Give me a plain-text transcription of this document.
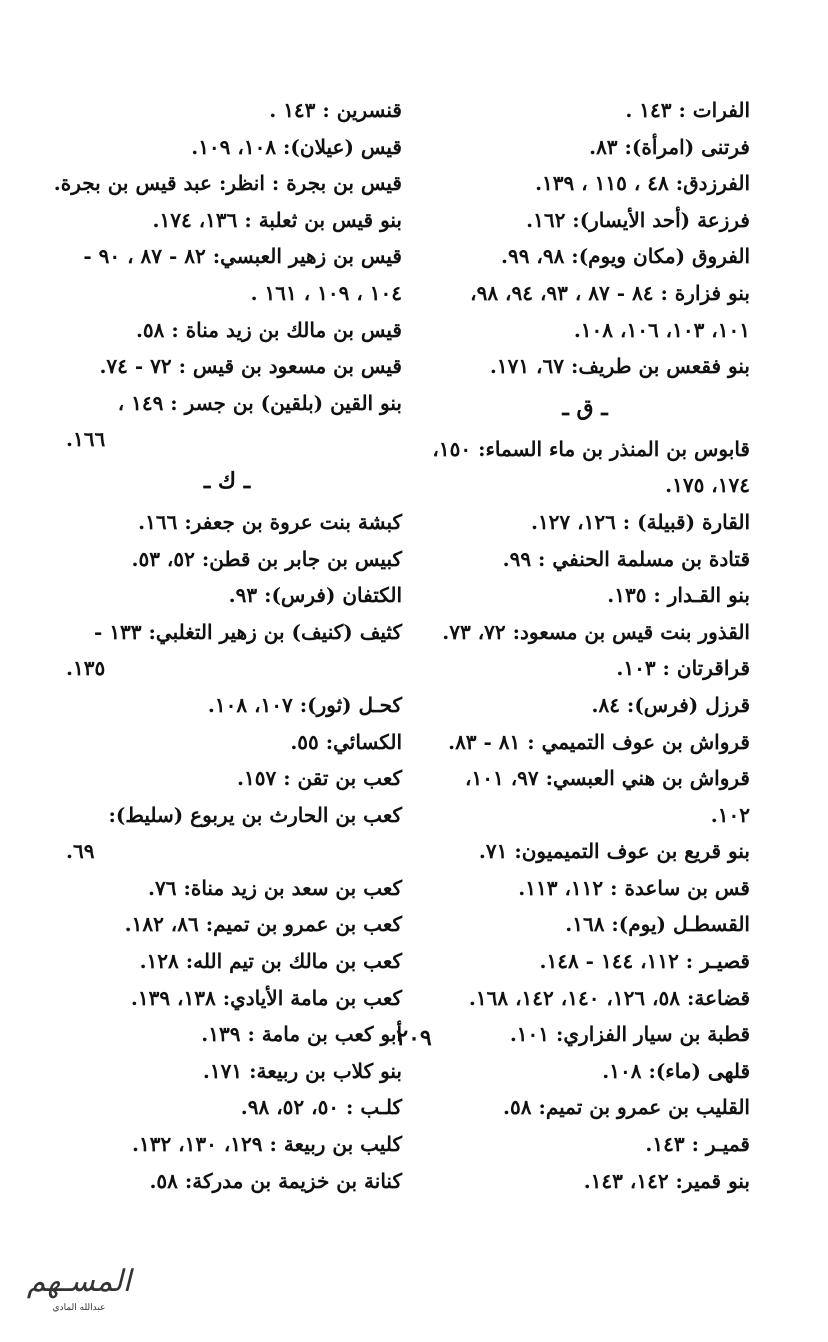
الفرات : ١٤٣ .
فرتنى (امرأة): ٨٣.
الفرزدق: ٤٨ ، ١١٥ ، ١٣٩.
فرزعة (أحد الأيسار): ١٦٢.
الفروق (مكان ويوم): ٩٨، ٩٩.
بنو فزارة : ٨٤ - ٨٧ ، ٩٣، ٩٤، ٩٨،
١٠١، ١٠٣، ١٠٦، ١٠٨.
بنو فقعس بن طريف: ٦٧، ١٧١.
ـ ق ـ
قابوس بن المنذر بن ماء السماء: ١٥٠،
١٧٤، ١٧٥.
القارة (قبيلة) : ١٢٦، ١٢٧.
قتادة بن مسلمة الحنفي : ٩٩.
بنو القـدار : ١٣٥.
القذور بنت قيس بن مسعود: ٧٢، ٧٣.
قراقرتان : ١٠٣.
قرزل (فرس): ٨٤.
قرواش بن عوف التميمي : ٨١ - ٨٣.
قرواش بن هني العبسي: ٩٧، ١٠١،
١٠٢.
بنو قريع بن عوف التميميون: ٧١.
قس بن ساعدة : ١١٢، ١١٣.
القسطـل (يوم): ١٦٨.
قصيـر : ١١٢، ١٤٤ - ١٤٨.
قضاعة: ٥٨، ١٢٦، ١٤٠، ١٤٢، ١٦٨.
قطبة بن سيار الفزاري: ١٠١.
قلهى (ماء): ١٠٨.
القليب بن عمرو بن تميم: ٥٨.
قميـر : ١٤٣.
بنو قمير: ١٤٢، ١٤٣.
قنسرين : ١٤٣ .
قيس (عيلان): ١٠٨، ١٠٩.
قيس بن بجرة : انظر: عبد قيس بن بجرة.
بنو قيس بن ثعلبة : ١٣٦، ١٧٤.
قيس بن زهير العبسي: ٨٢ - ٨٧ ، ٩٠ -
١٠٤ ، ١٠٩ ، ١٦١ .
قيس بن مالك بن زيد مناة : ٥٨.
قيس بن مسعود بن قيس : ٧٢ - ٧٤.
بنو القين (بلقين) بن جسر : ١٤٩ ،
١٦٦.
ـ ك ـ
كبشة بنت عروة بن جعفر: ١٦٦.
كبيس بن جابر بن قطن: ٥٢، ٥٣.
الكتفان (فرس): ٩٣.
كثيف (كنيف) بن زهير التغلبي: ١٣٣ -
١٣٥.
كحـل (ثور): ١٠٧، ١٠٨.
الكسائي: ٥٥.
كعب بن تقن : ١٥٧.
كعب بن الحارث بن يربوع (سليط):
٦٩.
كعب بن سعد بن زيد مناة: ٧٦.
كعب بن عمرو بن تميم: ٨٦، ١٨٢.
كعب بن مالك بن تيم الله: ١٢٨.
كعب بن مامة الأيادي: ١٣٨، ١٣٩.
أبو كعب بن مامة : ١٣٩.
بنو كلاب بن ربيعة: ١٧١.
كلـب : ٥٠، ٥٢، ٩٨.
كليب بن ربيعة : ١٢٩، ١٣٠، ١٣٢.
كنانة بن خزيمة بن مدركة: ٥٨.
٢٠٩
المسـهم
عبدالله المادي
